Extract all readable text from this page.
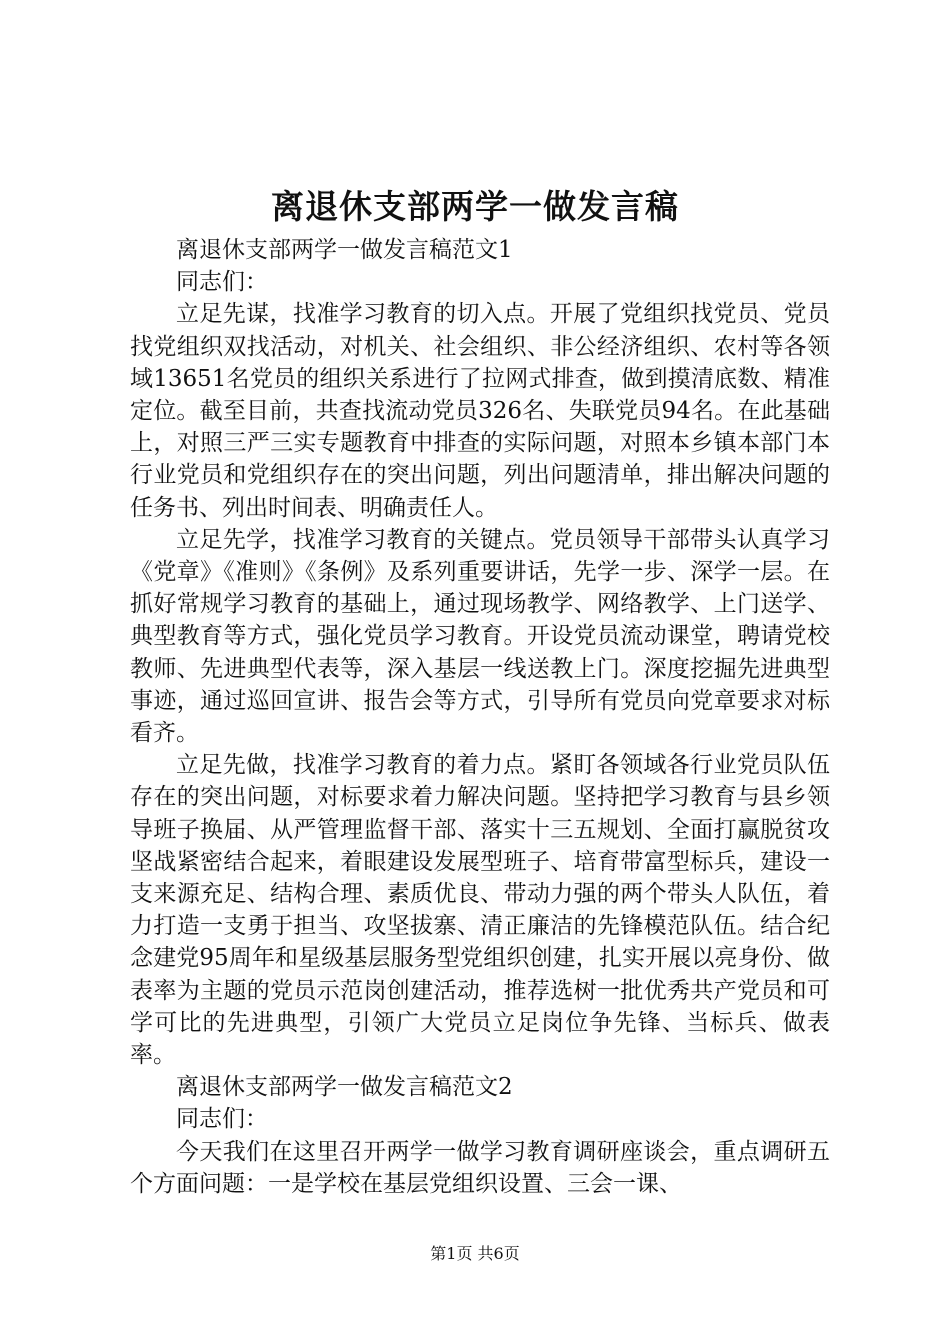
离退休支部两学一做发言稿

离退休支部两学一做发言稿范文1

同志们：

立足先谋，找准学习教育的切入点。开展了党组织找党员、党员找党组织双找活动，对机关、社会组织、非公经济组织、农村等各领域13651名党员的组织关系进行了拉网式排查，做到摸清底数、精准定位。截至目前，共查找流动党员326名、失联党员94名。在此基础上，对照三严三实专题教育中排查的实际问题，对照本乡镇本部门本行业党员和党组织存在的突出问题，列出问题清单，排出解决问题的任务书、列出时间表、明确责任人。

立足先学，找准学习教育的关键点。党员领导干部带头认真学习《党章》《准则》《条例》及系列重要讲话，先学一步、深学一层。在抓好常规学习教育的基础上，通过现场教学、网络教学、上门送学、典型教育等方式，强化党员学习教育。开设党员流动课堂，聘请党校教师、先进典型代表等，深入基层一线送教上门。深度挖掘先进典型事迹，通过巡回宣讲、报告会等方式，引导所有党员向党章要求对标看齐。

立足先做，找准学习教育的着力点。紧盯各领域各行业党员队伍存在的突出问题，对标要求着力解决问题。坚持把学习教育与县乡领导班子换届、从严管理监督干部、落实十三五规划、全面打赢脱贫攻坚战紧密结合起来，着眼建设发展型班子、培育带富型标兵，建设一支来源充足、结构合理、素质优良、带动力强的两个带头人队伍，着力打造一支勇于担当、攻坚拔寨、清正廉洁的先锋模范队伍。结合纪念建党95周年和星级基层服务型党组织创建，扎实开展以亮身份、做表率为主题的党员示范岗创建活动，推荐选树一批优秀共产党员和可学可比的先进典型，引领广大党员立足岗位争先锋、当标兵、做表率。

离退休支部两学一做发言稿范文2

同志们：

今天我们在这里召开两学一做学习教育调研座谈会，重点调研五个方面问题：一是学校在基层党组织设置、三会一课、

第1页 共6页
